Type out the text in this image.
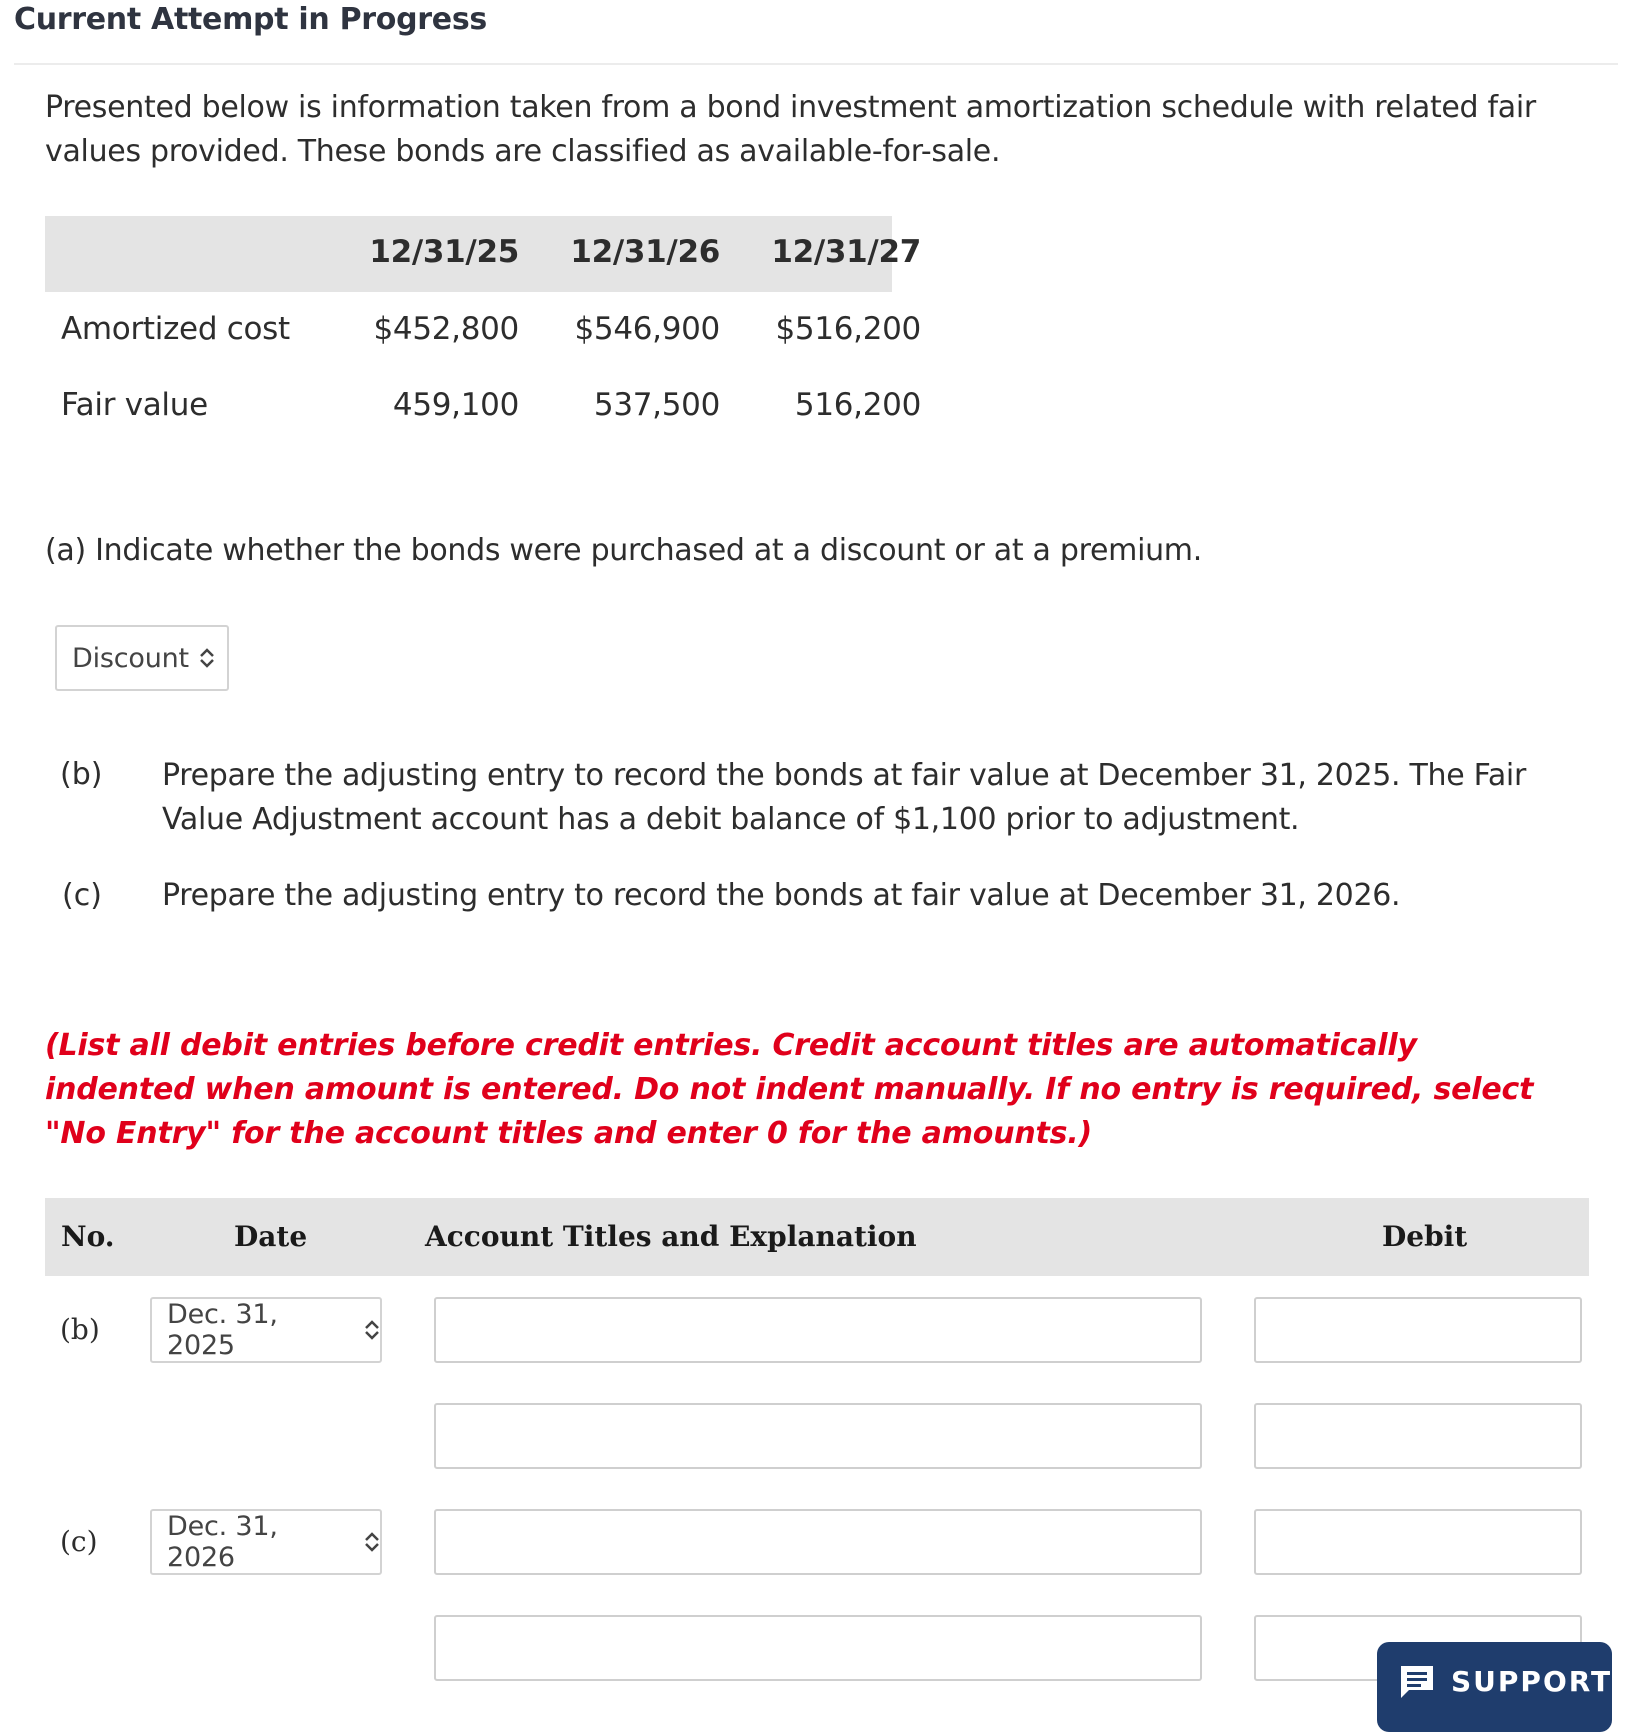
Current Attempt in Progress
Presented below is information taken from a bond investment amortization schedule with related fair values provided. These bonds are classified as available-for-sale.
12/31/25	12/31/26	12/31/27
Amortized cost	$452,800	$546,900	$516,200
Fair value	459,100	537,500	516,200
(a) Indicate whether the bonds were purchased at a discount or at a premium.
Discount
(b) Prepare the adjusting entry to record the bonds at fair value at December 31, 2025. The Fair Value Adjustment account has a debit balance of $1,100 prior to adjustment.
(c) Prepare the adjusting entry to record the bonds at fair value at December 31, 2026.
(List all debit entries before credit entries. Credit account titles are automatically indented when amount is entered. Do not indent manually. If no entry is required, select "No Entry" for the account titles and enter 0 for the amounts.)
No.	Date	Account Titles and Explanation	Debit
(b) Dec. 31, 2025
(c)	Dec. 31, 2026
SUPPORT
